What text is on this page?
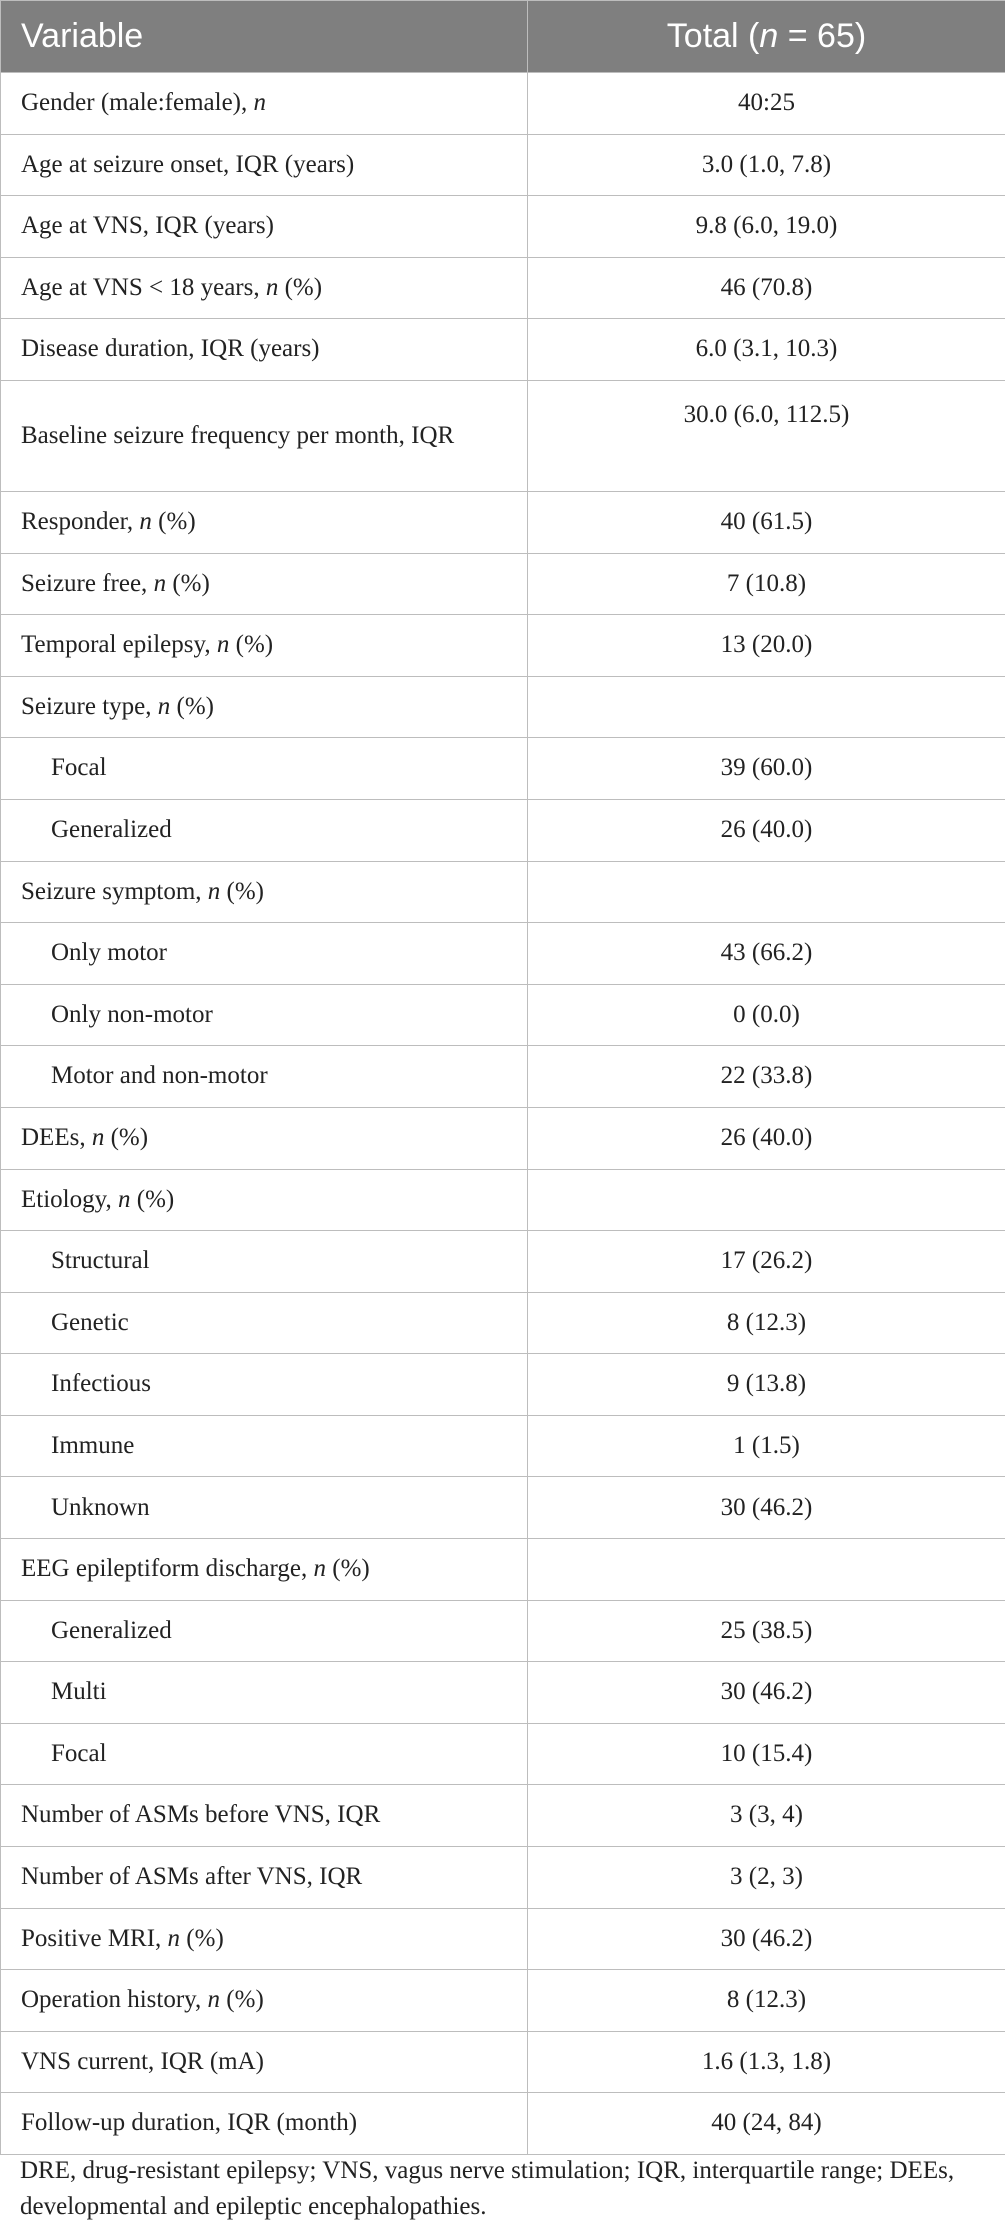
Variable	Total (n = 65)
Gender (male:female), n	40:25
Age at seizure onset, IQR (years)	3.0 (1.0, 7.8)
Age at VNS, IQR (years)	9.8 (6.0, 19.0)
Age at VNS < 18 years, n (%)	46 (70.8)
Disease duration, IQR (years)	6.0 (3.1, 10.3)
Baseline seizure frequency per month, IQR	30.0 (6.0, 112.5)
Responder, n (%)	40 (61.5)
Seizure free, n (%)	7 (10.8)
Temporal epilepsy, n (%)	13 (20.0)
Seizure type, n (%)	
Focal	39 (60.0)
Generalized	26 (40.0)
Seizure symptom, n (%)	
Only motor	43 (66.2)
Only non-motor	0 (0.0)
Motor and non-motor	22 (33.8)
DEEs, n (%)	26 (40.0)
Etiology, n (%)	
Structural	17 (26.2)
Genetic	8 (12.3)
Infectious	9 (13.8)
Immune	1 (1.5)
Unknown	30 (46.2)
EEG epileptiform discharge, n (%)	
Generalized	25 (38.5)
Multi	30 (46.2)
Focal	10 (15.4)
Number of ASMs before VNS, IQR	3 (3, 4)
Number of ASMs after VNS, IQR	3 (2, 3)
Positive MRI, n (%)	30 (46.2)
Operation history, n (%)	8 (12.3)
VNS current, IQR (mA)	1.6 (1.3, 1.8)
Follow-up duration, IQR (month)	40 (24, 84)

DRE, drug-resistant epilepsy; VNS, vagus nerve stimulation; IQR, interquartile range; DEEs, developmental and epileptic encephalopathies.
